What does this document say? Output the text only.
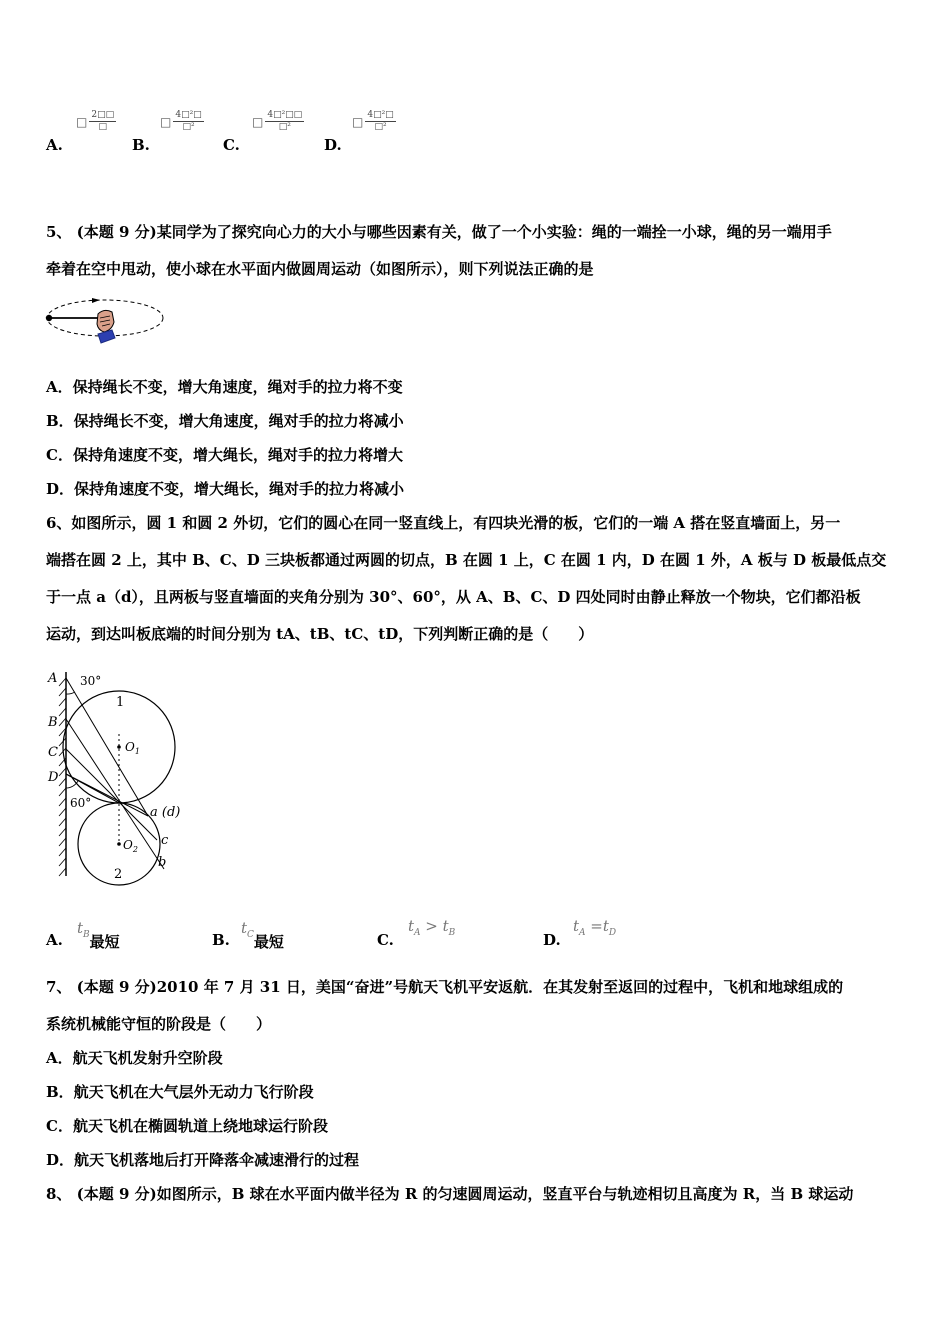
A.
□ $\frac{2□□}{□}$
B.
□ $\frac{\text{4□²□}}{\text{□²}}$
C.
□ $\frac{\text{4□²□□}}{\text{□²}}$
D.
□ $\frac{\text{4□²□}}{\text{□²}}$
5、 (本题 9 分)某同学为了探究向心力的大小与哪些因素有关，做了一个小实验：绳的一端拴一小球，绳的另一端用手
牵着在空中甩动，使小球在水平面内做圆周运动（如图所示），则下列说法正确的是
A．保持绳长不变，增大角速度，绳对手的拉力将不变
B．保持绳长不变，增大角速度，绳对手的拉力将减小
C．保持角速度不变，增大绳长，绳对手的拉力将增大
D．保持角速度不变，增大绳长，绳对手的拉力将减小
6、如图所示，圆 1 和圆 2 外切，它们的圆心在同一竖直线上，有四块光滑的板，它们的一端 A 搭在竖直墙面上，另一
端搭在圆 2 上，其中 B、C、D 三块板都通过两圆的切点，B 在圆 1 上，C 在圆 1 内，D 在圆 1 外，A 板与 D 板最低点交
于一点 a（d），且两板与竖直墙面的夹角分别为 30°、60°，从 A、B、C、D 四处同时由静止释放一个物块，它们都沿板
运动，到达叫板底端的时间分别为 tA、tB、tC、tD，下列判断正确的是（　　）
A
B
C
D
30°
60°
1
2
$O_1$
$O_2$
a (d)
c
b
A.
$t_B$最短	B.
$t_C$最短	C.
$t_A > t_B$	D.
$t_A =t_D$
7、 (本题 9 分)2010 年 7 月 31 日，美国“奋进”号航天飞机平安返航．在其发射至返回的过程中，飞机和地球组成的
系统机械能守恒的阶段是（　　）
A．航天飞机发射升空阶段
B．航天飞机在大气层外无动力飞行阶段
C．航天飞机在椭圆轨道上绕地球运行阶段
D．航天飞机落地后打开降落伞减速滑行的过程
8、 (本题 9 分)如图所示，B 球在水平面内做半径为 R 的匀速圆周运动，竖直平台与轨迹相切且高度为 R，当 B 球运动
